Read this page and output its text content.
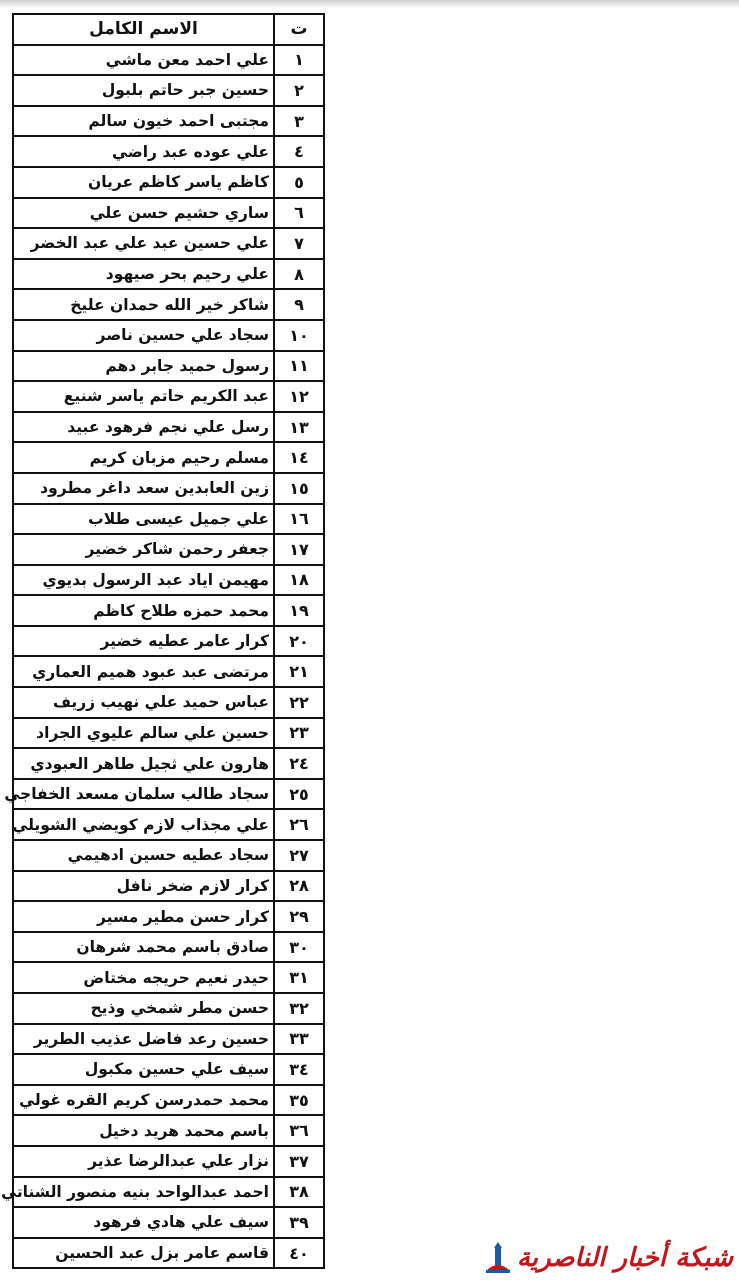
ت	الاسم الكامل
١	علي احمد معن ماشي
٢	حسين جبر حاتم بلبول
٣	مجتبى احمد خيون سالم
٤	علي عوده عبد راضي
٥	كاظم ياسر كاظم عريان
٦	ساري حشيم حسن علي
٧	علي حسين عبد علي عبد الخضر
٨	علي رحيم بحر صيهود
٩	شاكر خير الله حمدان عليخ
١٠	سجاد علي حسين ناصر
١١	رسول حميد جابر دهم
١٢	عبد الكريم حاتم ياسر شنيع
١٣	رسل علي نجم فرهود عبيد
١٤	مسلم رحيم مزبان كريم
١٥	زين العابدين سعد داغر مطرود
١٦	علي جميل عيسى طلاب
١٧	جعفر رحمن شاكر خضير
١٨	مهيمن اياد عبد الرسول بديوي
١٩	محمد حمزه طلاح كاظم
٢٠	كرار عامر عطيه خضير
٢١	مرتضى عبد عبود هميم العماري
٢٢	عباس حميد علي نهيب زريف
٢٣	حسين علي سالم عليوي الجراد
٢٤	هارون علي ثجيل طاهر العبودي
٢٥	سجاد طالب سلمان مسعد الخفاجي
٢٦	علي مجذاب لازم كويضي الشويلي
٢٧	سجاد عطيه حسين ادهيمي
٢٨	كرار لازم ضخر نافل
٢٩	كرار حسن مطير مسير
٣٠	صادق باسم محمد شرهان
٣١	حيدر نعيم حريجه مختاض
٣٢	حسن مطر شمخي وذيح
٣٣	حسين رعد فاضل عذيب الطرير
٣٤	سيف علي حسين مكبول
٣٥	محمد حمدرسن كريم القره غولي
٣٦	باسم محمد هريد دخيل
٣٧	نزار علي عبدالرضا عذير
٣٨	احمد عبدالواحد بنيه منصور الشناتي
٣٩	سيف علي هادي فرهود
٤٠	قاسم عامر بزل عبد الحسين	شبكة أخبار الناصرية
